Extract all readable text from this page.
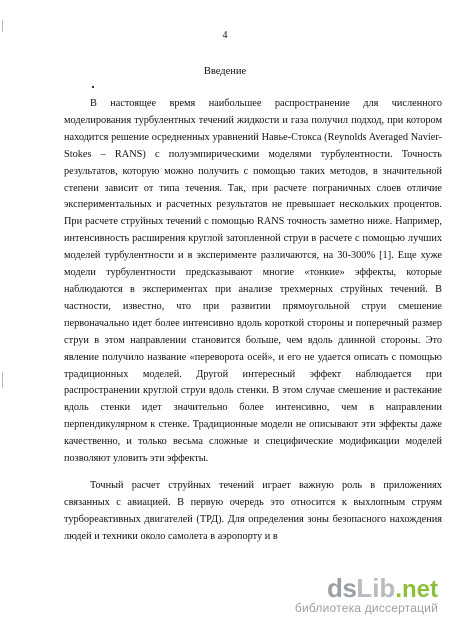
4
Введение

В настоящее время наибольшее распространение для численного моделирования турбулентных течений жидкости и газа получил подход, при котором находится решение осредненных уравнений Навье-Стокса (Reynolds Averaged Navier-Stokes – RANS) с полуэмпирическими моделями турбулентности. Точность результатов, которую можно получить с помощью таких методов, в значительной степени зависит от типа течения. Так, при расчете пограничных слоев отличие экспериментальных и расчетных результатов не превышает нескольких процентов. При расчете струйных течений с помощью RANS точность заметно ниже. Например, интенсивность расширения круглой затопленной струи в расчете с помощью лучших моделей турбулентности и в эксперименте различаются, на 30-300% [1]. Еще хуже модели турбулентности предсказывают многие «тонкие» эффекты, которые наблюдаются в экспериментах при анализе трехмерных струйных течений. В частности, известно, что при развитии прямоугольной струи смешение первоначально идет более интенсивно вдоль короткой стороны и поперечный размер струи в этом направлении становится больше, чем вдоль длинной стороны. Это явление получило название «переворота осей», и его не удается описать с помощью традиционных моделей. Другой интересный эффект наблюдается при распространении круглой струи вдоль стенки. В этом случае смешение и растекание вдоль стенки идет значительно более интенсивно, чем в направлении перпендикулярном к стенке. Традиционные модели не описывают эти эффекты даже качественно, и только весьма сложные и специфические модификации моделей позволяют уловить эти эффекты.

Точный расчет струйных течений играет важную роль в приложениях связанных с авиацией. В первую очередь это относится к выхлопным струям турбореактивных двигателей (ТРД). Для определения зоны безопасного нахождения людей и техники около самолета в аэропорту и в

ds Lib .net
библиотека диссертаций
